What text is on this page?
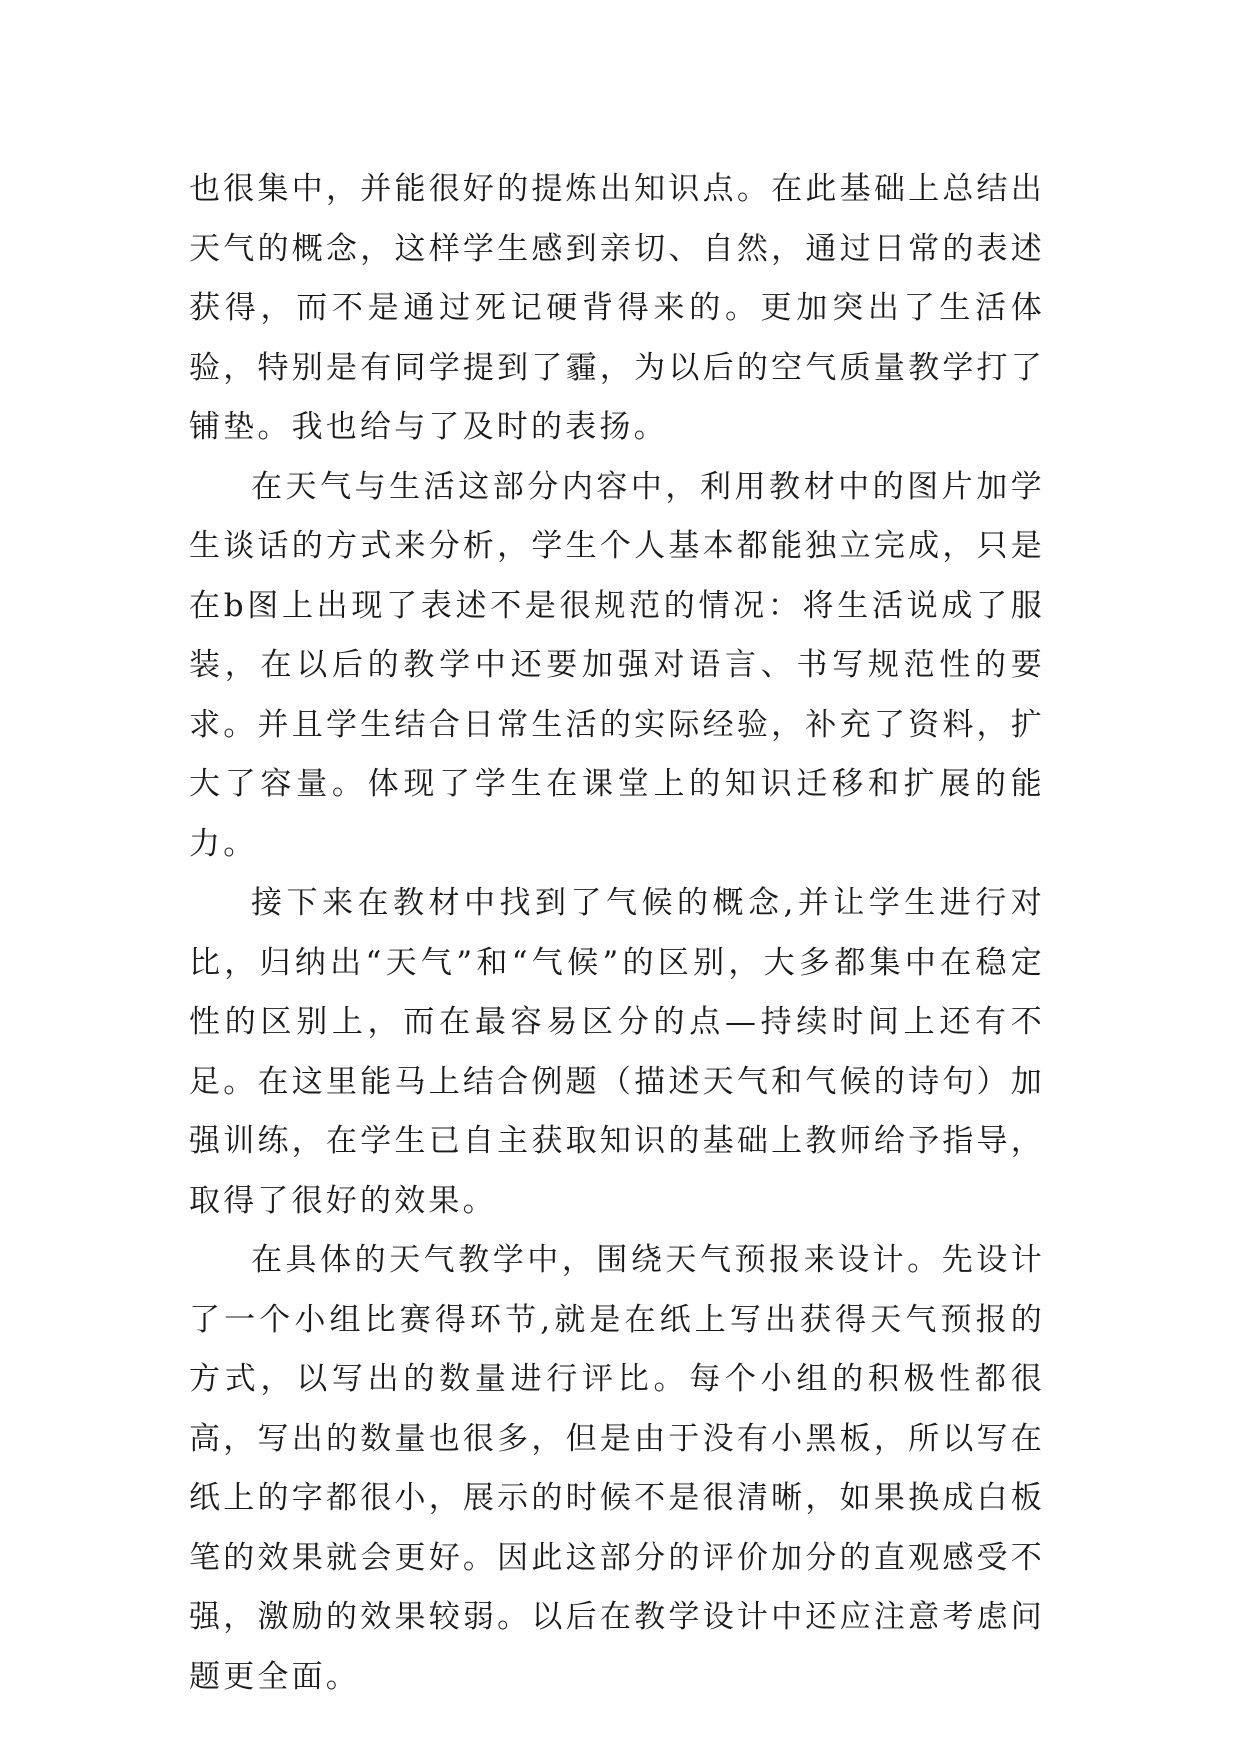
也很集中，并能很好的提炼出知识点。在此基础上总结出天气的概念，这样学生感到亲切、自然，通过日常的表述获得，而不是通过死记硬背得来的。更加突出了生活体验，特别是有同学提到了霾，为以后的空气质量教学打了铺垫。我也给与了及时的表扬。

在天气与生活这部分内容中，利用教材中的图片加学生谈话的方式来分析，学生个人基本都能独立完成，只是在b图上出现了表述不是很规范的情况：将生活说成了服装，在以后的教学中还要加强对语言、书写规范性的要求。并且学生结合日常生活的实际经验，补充了资料，扩大了容量。体现了学生在课堂上的知识迁移和扩展的能力。

接下来在教材中找到了气候的概念,并让学生进行对比，归纳出“天气”和“气候”的区别，大多都集中在稳定性的区别上，而在最容易区分的点—持续时间上还有不足。在这里能马上结合例题（描述天气和气候的诗句）加强训练，在学生已自主获取知识的基础上教师给予指导，取得了很好的效果。

在具体的天气教学中，围绕天气预报来设计。先设计了一个小组比赛得环节,就是在纸上写出获得天气预报的方式，以写出的数量进行评比。每个小组的积极性都很高，写出的数量也很多，但是由于没有小黑板，所以写在纸上的字都很小，展示的时候不是很清晰，如果换成白板笔的效果就会更好。因此这部分的评价加分的直观感受不强，激励的效果较弱。以后在教学设计中还应注意考虑问题更全面。
